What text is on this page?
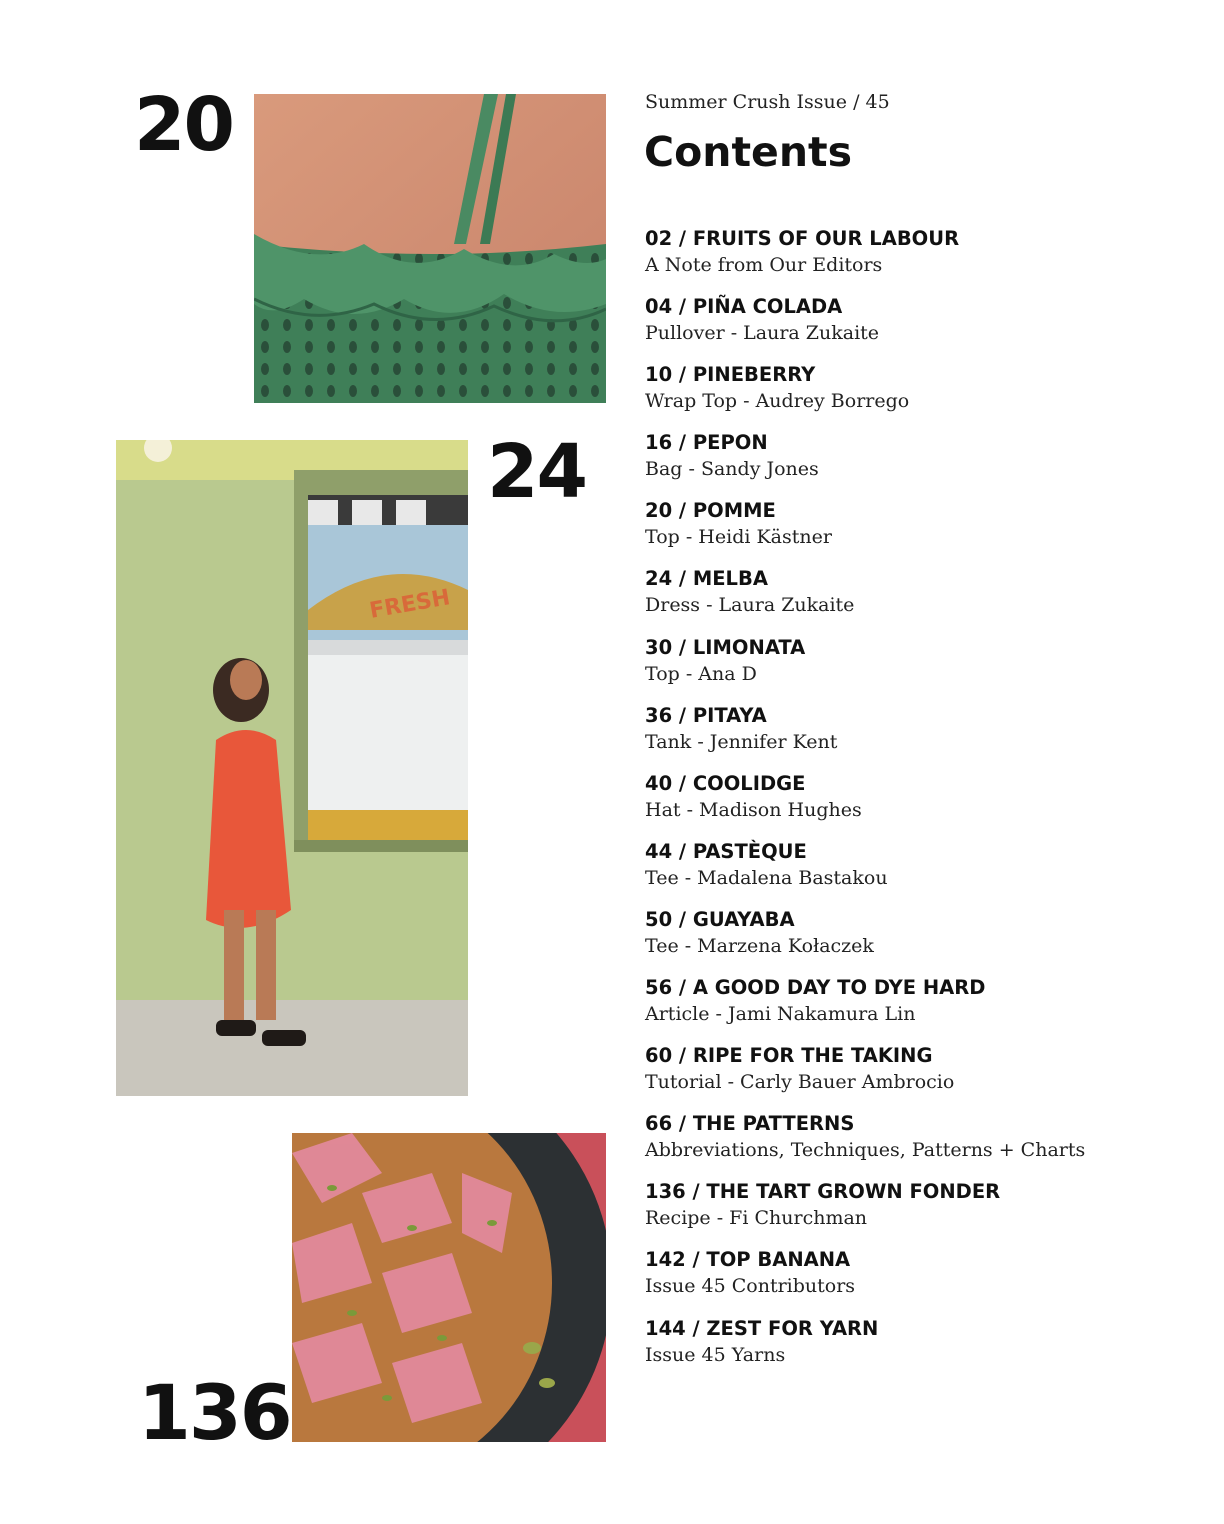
20
24
136
FRESH
Summer Crush Issue / 45
Contents
02 / FRUITS OF OUR LABOUR
A Note from Our Editors
04 / PIÑA COLADA
Pullover - Laura Zukaite
10 / PINEBERRY
Wrap Top - Audrey Borrego
16 / PEPON
Bag - Sandy Jones
20 / POMME
Top - Heidi Kästner
24 / MELBA
Dress - Laura Zukaite
30 / LIMONATA
Top - Ana D
36 / PITAYA
Tank - Jennifer Kent
40 / COOLIDGE
Hat - Madison Hughes
44 / PASTÈQUE
Tee - Madalena Bastakou
50 / GUAYABA
Tee - Marzena Kołaczek
56 / A GOOD DAY TO DYE HARD
Article - Jami Nakamura Lin
60 / RIPE FOR THE TAKING
Tutorial - Carly Bauer Ambrocio
66 / THE PATTERNS
Abbreviations, Techniques, Patterns + Charts
136 / THE TART GROWN FONDER
Recipe - Fi Churchman
142 / TOP BANANA
Issue 45 Contributors
144 / ZEST FOR YARN
Issue 45 Yarns
